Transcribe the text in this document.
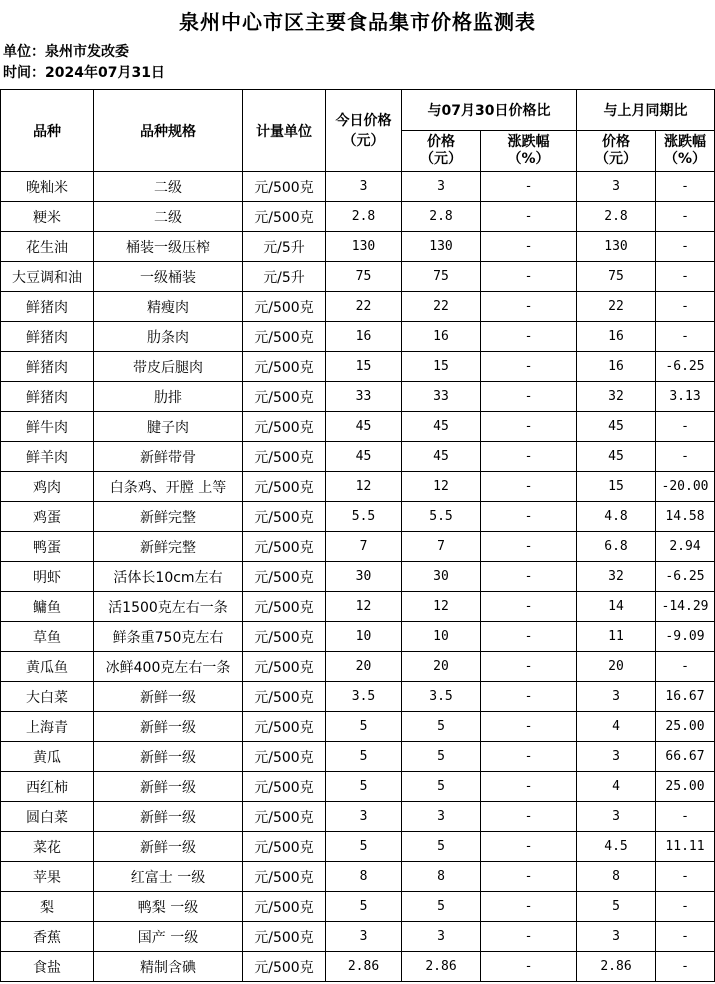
泉州中心市区主要食品集市价格监测表
单位：泉州市发改委
时间：2024年07月31日
品种	品种规格	计量单位	今日价格（元）	与07月30日价格比		与上月同期比	
				价格（元）	涨跌幅（%）	价格（元）	涨跌幅（%）
晚籼米	二级	元/500克	3	3	-	3	-
粳米	二级	元/500克	2.8	2.8	-	2.8	-
花生油	桶装一级压榨	元/5升	130	130	-	130	-
大豆调和油	一级桶装	元/5升	75	75	-	75	-
鲜猪肉	精瘦肉	元/500克	22	22	-	22	-
鲜猪肉	肋条肉	元/500克	16	16	-	16	-
鲜猪肉	带皮后腿肉	元/500克	15	15	-	16	-6.25
鲜猪肉	肋排	元/500克	33	33	-	32	3.13
鲜牛肉	腱子肉	元/500克	45	45	-	45	-
鲜羊肉	新鲜带骨	元/500克	45	45	-	45	-
鸡肉	白条鸡、开膛 上等	元/500克	12	12	-	15	-20.00
鸡蛋	新鲜完整	元/500克	5.5	5.5	-	4.8	14.58
鸭蛋	新鲜完整	元/500克	7	7	-	6.8	2.94
明虾	活体长10cm左右	元/500克	30	30	-	32	-6.25
鳙鱼	活1500克左右一条	元/500克	12	12	-	14	-14.29
草鱼	鲜条重750克左右	元/500克	10	10	-	11	-9.09
黄瓜鱼	冰鲜400克左右一条	元/500克	20	20	-	20	-
大白菜	新鲜一级	元/500克	3.5	3.5	-	3	16.67
上海青	新鲜一级	元/500克	5	5	-	4	25.00
黄瓜	新鲜一级	元/500克	5	5	-	3	66.67
西红柿	新鲜一级	元/500克	5	5	-	4	25.00
圆白菜	新鲜一级	元/500克	3	3	-	3	-
菜花	新鲜一级	元/500克	5	5	-	4.5	11.11
苹果	红富士 一级	元/500克	8	8	-	8	-
梨	鸭梨 一级	元/500克	5	5	-	5	-
香蕉	国产 一级	元/500克	3	3	-	3	-
食盐	精制含碘	元/500克	2.86	2.86	-	2.86	-
